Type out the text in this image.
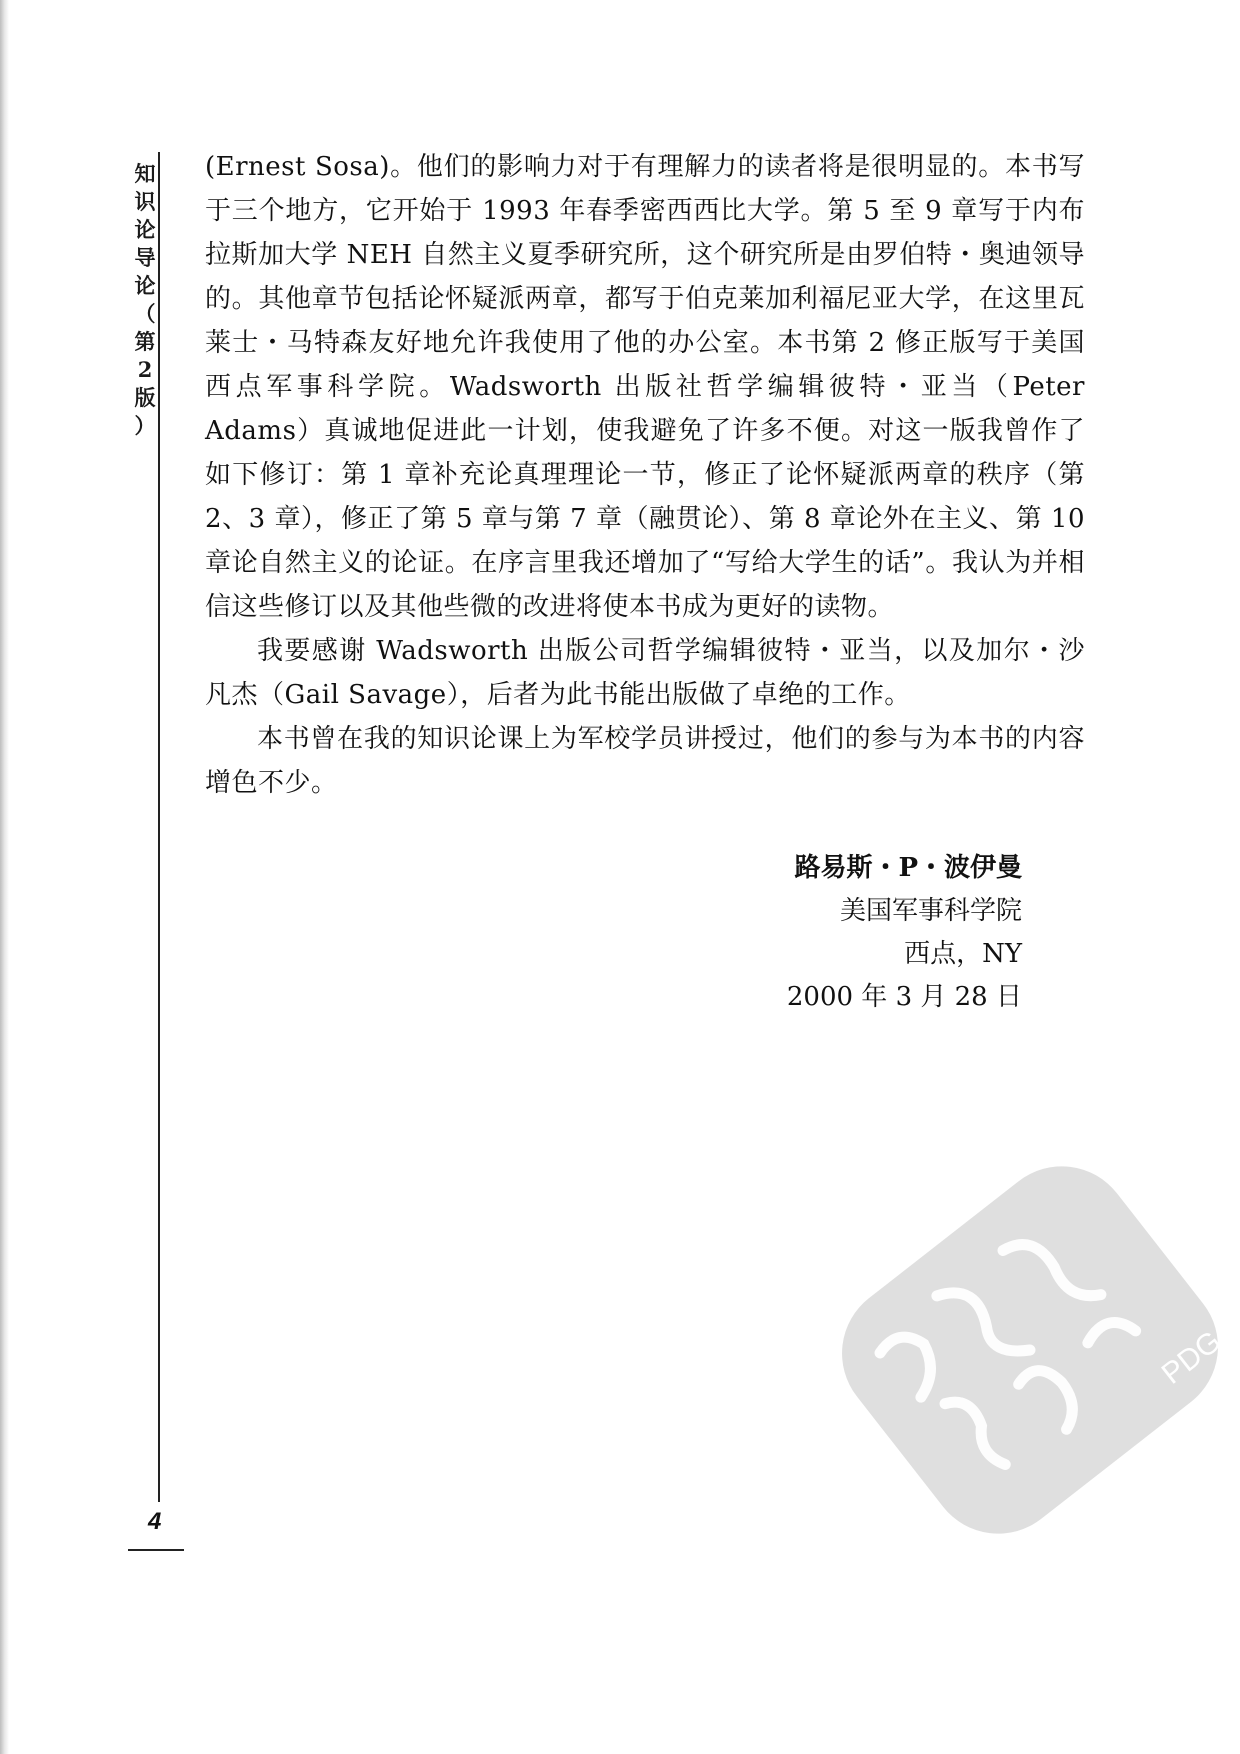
知
识
论
导
论
（
第
2
版
）

(Ernest Sosa)。他们的影响力对于有理解力的读者将是很明显的。本书写于三个地方，它开始于 1993 年春季密西西比大学。第 5 至 9 章写于内布拉斯加大学 NEH 自然主义夏季研究所，这个研究所是由罗伯特・奥迪领导的。其他章节包括论怀疑派两章，都写于伯克莱加利福尼亚大学，在这里瓦莱士・马特森友好地允许我使用了他的办公室。本书第 2 修正版写于美国西点军事科学院。Wadsworth 出版社哲学编辑彼特・亚当（Peter Adams）真诚地促进此一计划，使我避免了许多不便。对这一版我曾作了如下修订：第 1 章补充论真理理论一节，修正了论怀疑派两章的秩序（第 2、3 章），修正了第 5 章与第 7 章（融贯论）、第 8 章论外在主义、第 10 章论自然主义的论证。在序言里我还增加了“写给大学生的话”。我认为并相信这些修订以及其他些微的改进将使本书成为更好的读物。

我要感谢 Wadsworth 出版公司哲学编辑彼特・亚当，以及加尔・沙凡杰（Gail Savage），后者为此书能出版做了卓绝的工作。

本书曾在我的知识论课上为军校学员讲授过，他们的参与为本书的内容增色不少。

路易斯・P・波伊曼
美国军事科学院
西点，NY
2000 年 3 月 28 日
4
PDG
